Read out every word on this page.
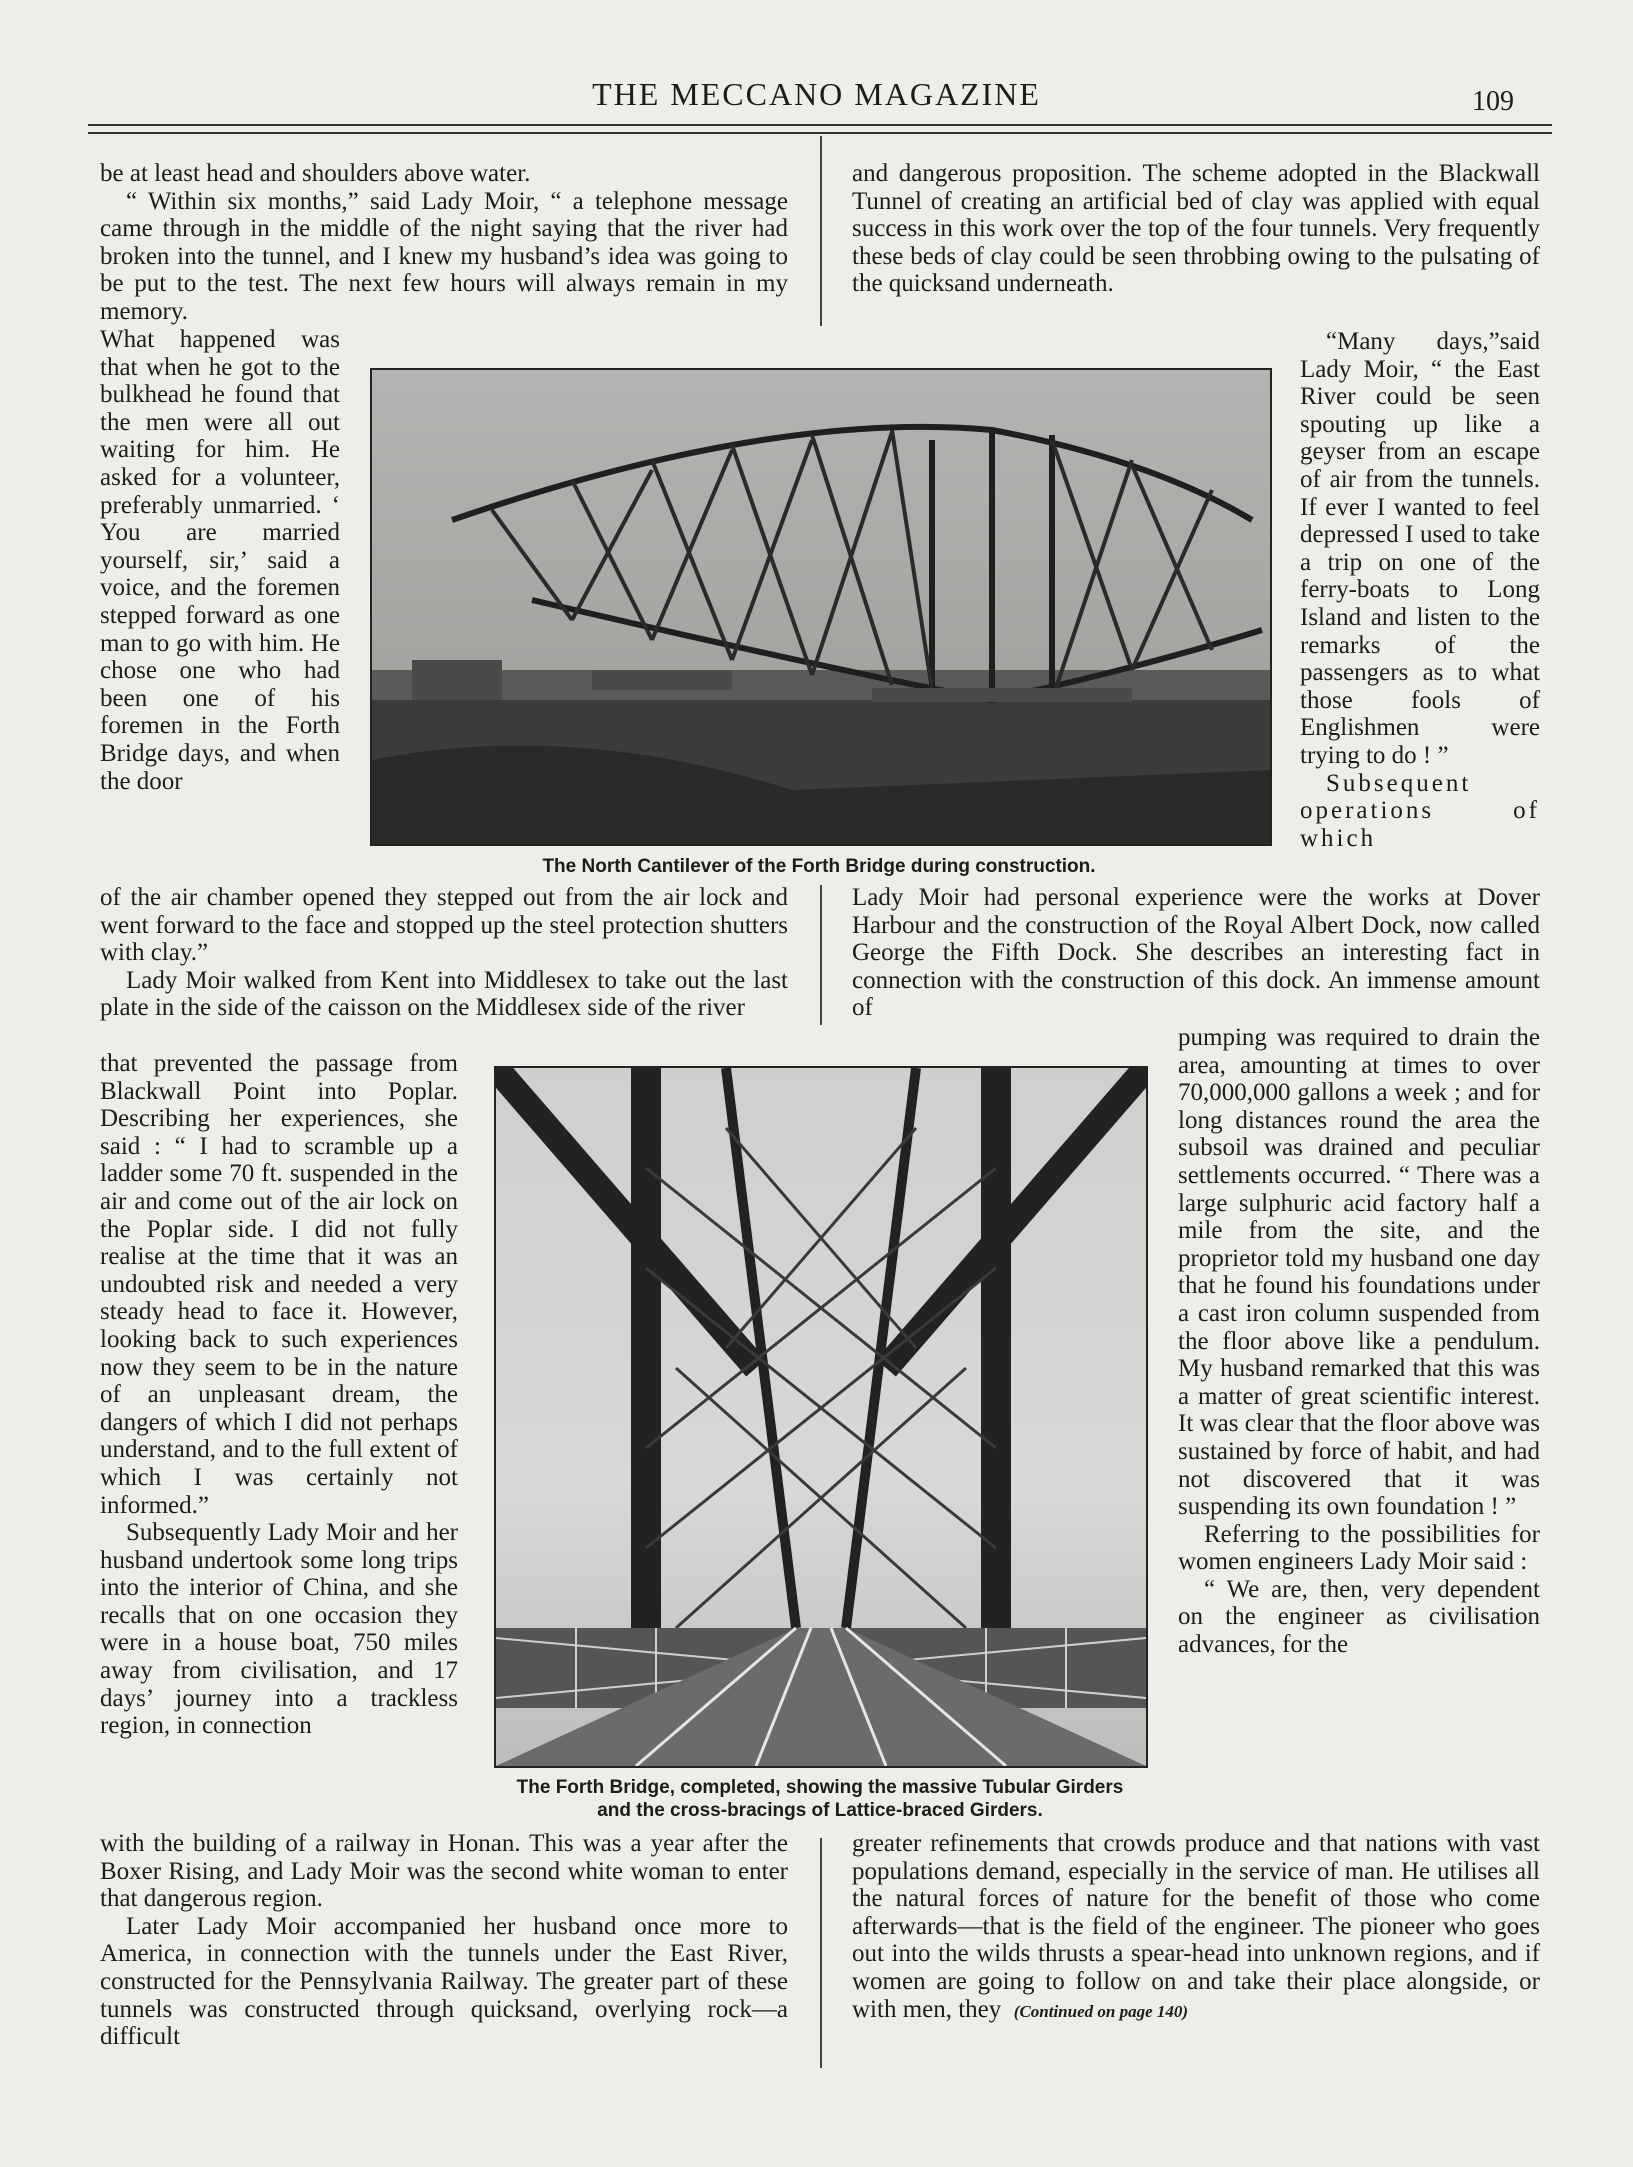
THE MECCANO MAGAZINE	109

be at least head and shoulders above water.

“ Within six months,” said Lady Moir, “ a telephone message came through in the middle of the night saying that the river had broken into the tunnel, and I knew my husband’s idea was going to be put to the test. The next few hours will always remain in my memory.

What happened was that when he got to the bulkhead he found that the men were all out waiting for him. He asked for a volunteer, preferably unmarried. ‘ You are married yourself, sir,’ said a voice, and the foremen stepped forward as one man to go with him. He chose one who had been one of his foremen in the Forth Bridge days, and when the door

of the air chamber opened they stepped out from the air lock and went forward to the face and stopped up the steel protection shutters with clay.”

Lady Moir walked from Kent into Middlesex to take out the last plate in the side of the caisson on the Middlesex side of the river

that prevented the passage from Blackwall Point into Poplar. Describing her experiences, she said : “ I had to scramble up a ladder some 70 ft. suspended in the air and come out of the air lock on the Poplar side. I did not fully realise at the time that it was an undoubted risk and needed a very steady head to face it. However, looking back to such experiences now they seem to be in the nature of an unpleasant dream, the dangers of which I did not perhaps understand, and to the full extent of which I was certainly not informed.”

Subsequently Lady Moir and her husband undertook some long trips into the interior of China, and she recalls that on one occasion they were in a house boat, 750 miles away from civilisation, and 17 days’ journey into a trackless region, in connection

with the building of a railway in Honan. This was a year after the Boxer Rising, and Lady Moir was the second white woman to enter that dangerous region.

Later Lady Moir accompanied her husband once more to America, in connection with the tunnels under the East River, constructed for the Pennsylvania Railway. The greater part of these tunnels was constructed through quicksand, overlying rock—a difficult

and dangerous proposition. The scheme adopted in the Blackwall Tunnel of creating an artificial bed of clay was applied with equal success in this work over the top of the four tunnels. Very frequently these beds of clay could be seen throbbing owing to the pulsating of the quicksand underneath.

“Many days,”said Lady Moir, “ the East River could be seen spouting up like a geyser from an escape of air from the tunnels. If ever I wanted to feel depressed I used to take a trip on one of the ferry-boats to Long Island and listen to the remarks of the passengers as to what those fools of Englishmen were trying to do ! ”

Subsequent operations of which

Lady Moir had personal experience were the works at Dover Harbour and the construction of the Royal Albert Dock, now called George the Fifth Dock. She describes an interesting fact in connection with the construction of this dock. An immense amount of

pumping was required to drain the area, amounting at times to over 70,000,000 gallons a week ; and for long distances round the area the subsoil was drained and peculiar settlements occurred. “ There was a large sulphuric acid factory half a mile from the site, and the proprietor told my husband one day that he found his foundations under a cast iron column suspended from the floor above like a pendulum. My husband remarked that this was a matter of great scientific interest. It was clear that the floor above was sustained by force of habit, and had not discovered that it was suspending its own foundation ! ”

Referring to the possibilities for women engineers Lady Moir said :

“ We are, then, very dependent on the engineer as civilisation advances, for the

greater refinements that crowds produce and that nations with vast populations demand, especially in the service of man. He utilises all the natural forces of nature for the benefit of those who come afterwards—that is the field of the engineer. The pioneer who goes out into the wilds thrusts a spear-head into unknown regions, and if women are going to follow on and take their place alongside, or with men, they (Continued on page 140)

The North Cantilever of the Forth Bridge during construction.
The Forth Bridge, completed, showing the massive Tubular Girders
and the cross-bracings of Lattice-braced Girders.
